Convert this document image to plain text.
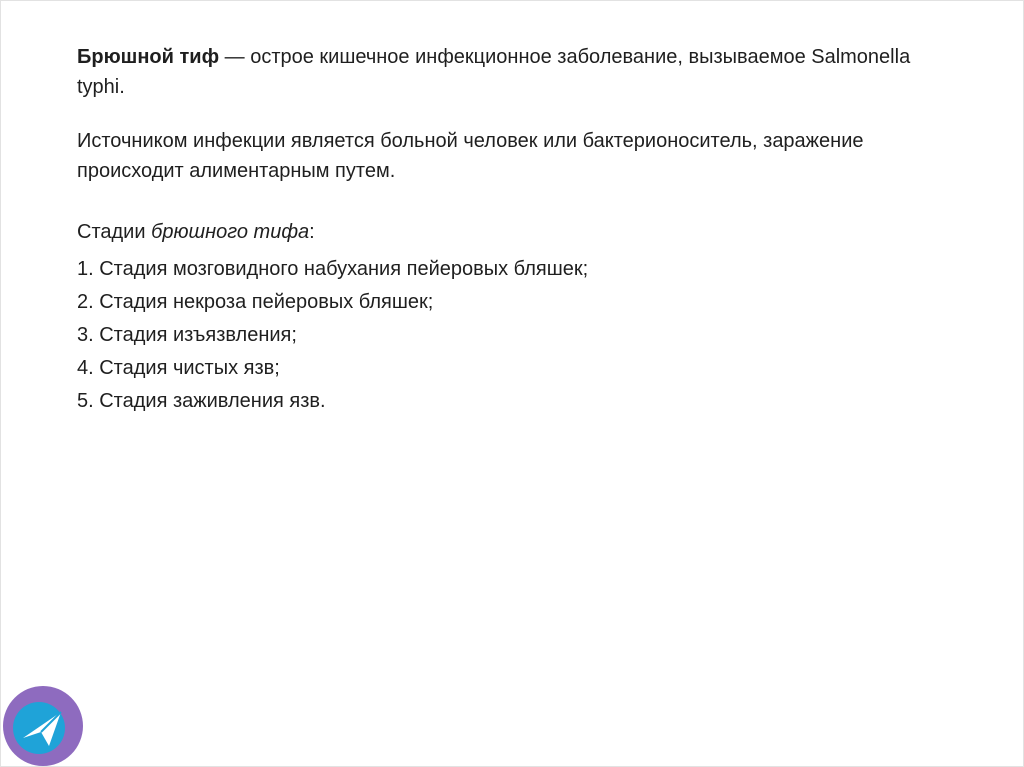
Брюшной тиф — острое кишечное инфекционное заболевание, вызываемое Salmonella typhi.

Источником инфекции является больной человек или бактерионоситель, заражение происходит алиментарным путем.

Стадии брюшного тифа:
1. Стадия мозговидного набухания пейеровых бляшек;
2. Стадия некроза пейеровых бляшек;
3. Стадия изъязвления;
4. Стадия чистых язв;
5. Стадия заживления язв.
